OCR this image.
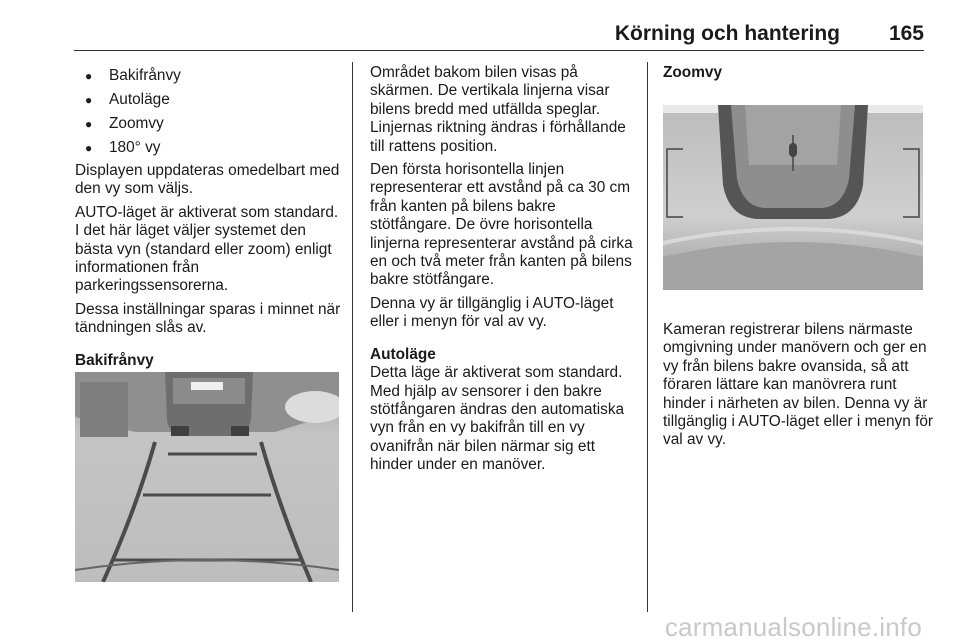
Körning och hantering 165
● Bakifrånvy
● Autoläge
● Zoomvy
● 180° vy

Displayen uppdateras omedelbart med den vy som väljs.

AUTO-läget är aktiverat som standard. I det här läget väljer systemet den bästa vyn (standard eller zoom) enligt informationen från parkeringssensorerna.

Dessa inställningar sparas i minnet när tändningen slås av.

Bakifrånvy

Området bakom bilen visas på skärmen. De vertikala linjerna visar bilens bredd med utfällda speglar. Linjernas riktning ändras i förhållande till rattens position.

Den första horisontella linjen representerar ett avstånd på ca 30 cm från kanten på bilens bakre stötfångare. De övre horisontella linjerna representerar avstånd på cirka en och två meter från kanten på bilens bakre stötfångare.

Denna vy är tillgänglig i AUTO-läget eller i menyn för val av vy.

Autoläge

Detta läge är aktiverat som standard. Med hjälp av sensorer i den bakre stötfångaren ändras den automatiska vyn från en vy bakifrån till en vy ovanifrån när bilen närmar sig ett hinder under en manöver.

Zoomvy

Kameran registrerar bilens närmaste omgivning under manövern och ger en vy från bilens bakre ovansida, så att föraren lättare kan manövrera runt hinder i närheten av bilen. Denna vy är tillgänglig i AUTO-läget eller i menyn för val av vy.

carmanualsonline.info
